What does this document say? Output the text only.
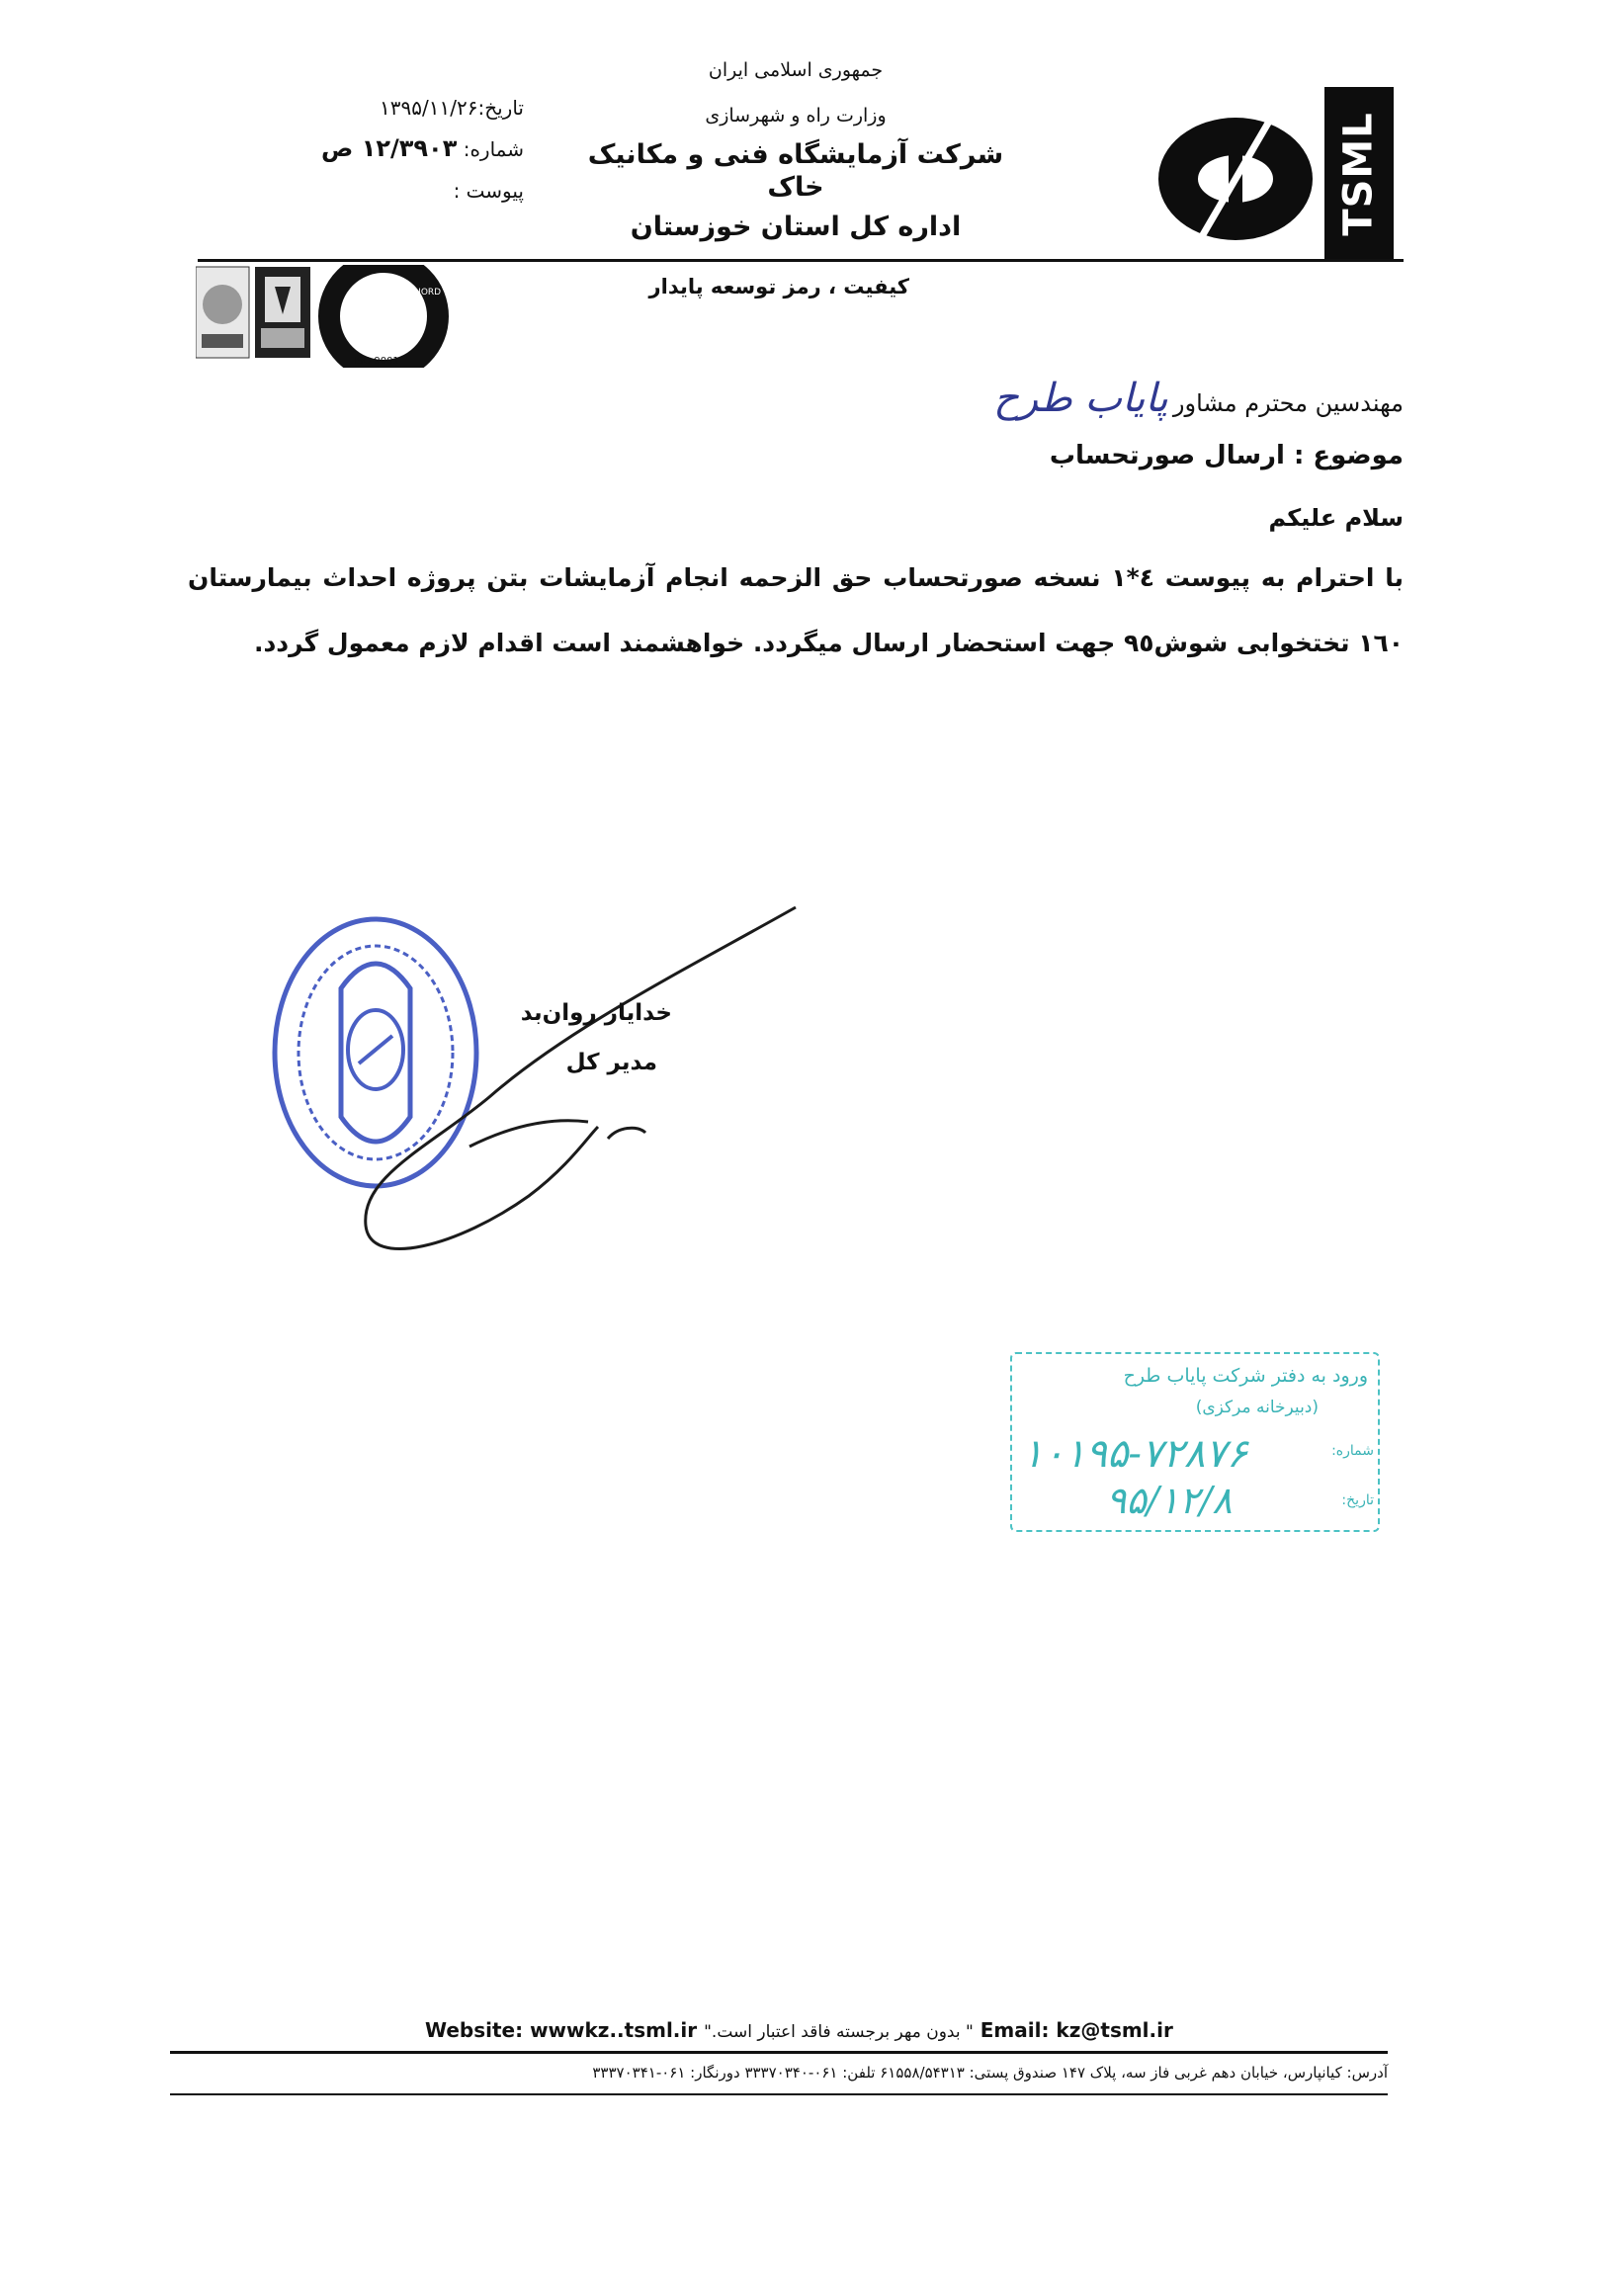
TSML
جمهوری اسلامی ایران
وزارت راه و شهرسازی
شرکت آزمایشگاه فنی و مکانیک خاک
اداره کل استان خوزستان
تاریخ:۱۳۹۵/۱۱/۲۶
شماره: ۱۲/۳۹۰۳ ص
پیوست :
TUV NORD
ISO 9001
کیفیت ، رمز توسعه پایدار
مهندسین محترم مشاور پایاب طرح
موضوع : ارسال صورتحساب
سلام علیکم
با احترام به پیوست ٤*١ نسخه صورتحساب حق الزحمه انجام آزمایشات بتن پروژه احداث بیمارستان ١٦٠ تختخوابی شوش٩٥ جهت استحضار ارسال میگردد. خواهشمند است اقدام لازم معمول گردد.
خدایار روان‌بد
مدیر کل
ورود به دفتر شرکت پایاب طرح
(دبیرخانه مرکزی)
شماره:
۱۰۱۹۵-۷۲۸۷۶
تاریخ:
۹۵/۱۲/۸
Website: wwwkz..tsml.ir " بدون مهر برجسته فاقد اعتبار است." Email: kz@tsml.ir
آدرس: کیانپارس، خیابان دهم غربی فاز سه، پلاک ۱۴۷ صندوق پستی: ۶۱۵۵۸/۵۴۳۱۳ تلفن: ۰۶۱-۳۳۳۷۰۳۴۰ دورنگار: ۰۶۱-۳۳۳۷۰۳۴۱
